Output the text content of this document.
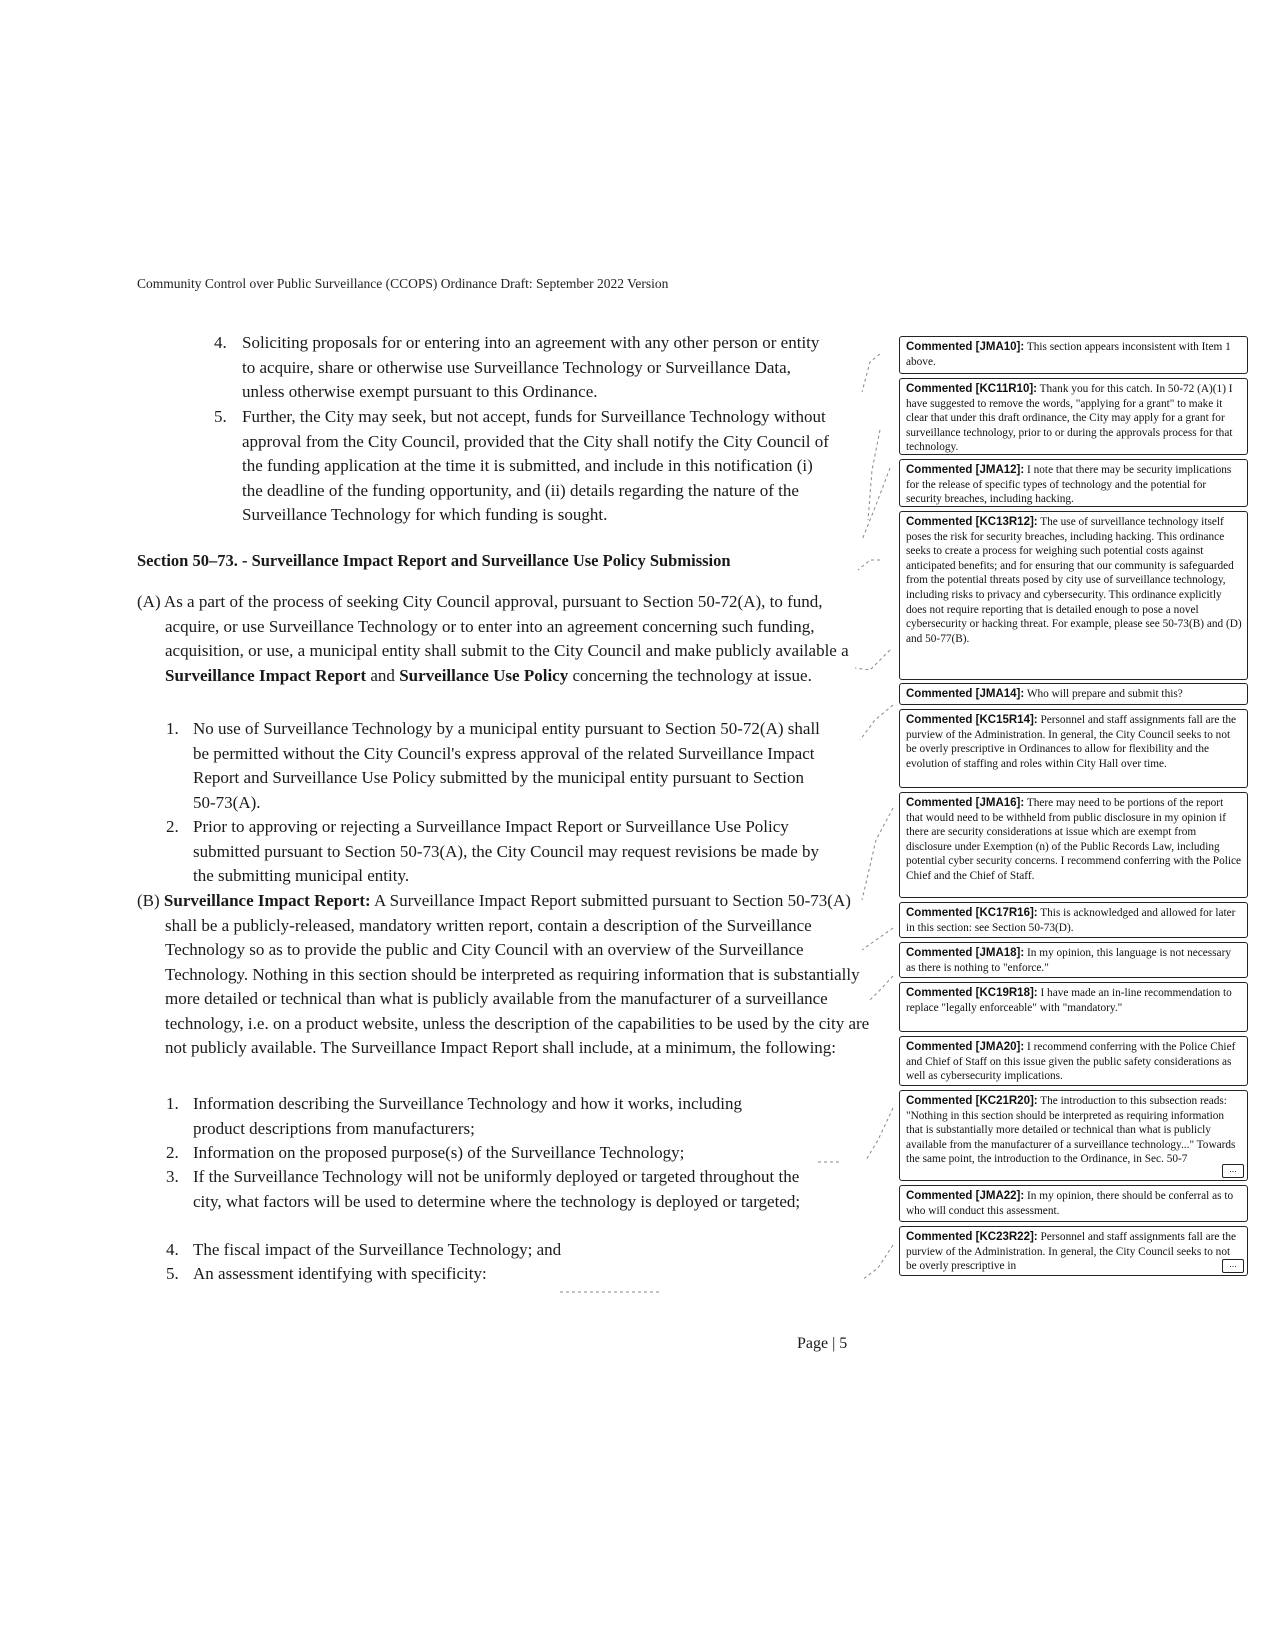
Community Control over Public Surveillance (CCOPS) Ordinance Draft: September 2022 Version
4. Soliciting proposals for or entering into an agreement with any other person or entity to acquire, share or otherwise use Surveillance Technology or Surveillance Data, unless otherwise exempt pursuant to this Ordinance.
5. Further, the City may seek, but not accept, funds for Surveillance Technology without approval from the City Council, provided that the City shall notify the City Council of the funding application at the time it is submitted, and include in this notification (i) the deadline of the funding opportunity, and (ii) details regarding the nature of the Surveillance Technology for which funding is sought.
Section 50–73. - Surveillance Impact Report and Surveillance Use Policy Submission
(A) As a part of the process of seeking City Council approval, pursuant to Section 50-72(A), to fund, acquire, or use Surveillance Technology or to enter into an agreement concerning such funding, acquisition, or use, a municipal entity shall submit to the City Council and make publicly available a Surveillance Impact Report and Surveillance Use Policy concerning the technology at issue.
1. No use of Surveillance Technology by a municipal entity pursuant to Section 50-72(A) shall be permitted without the City Council's express approval of the related Surveillance Impact Report and Surveillance Use Policy submitted by the municipal entity pursuant to Section 50-73(A).
2. Prior to approving or rejecting a Surveillance Impact Report or Surveillance Use Policy submitted pursuant to Section 50-73(A), the City Council may request revisions be made by the submitting municipal entity.
(B) Surveillance Impact Report: A Surveillance Impact Report submitted pursuant to Section 50-73(A) shall be a publicly-released, mandatory written report, contain a description of the Surveillance Technology so as to provide the public and City Council with an overview of the Surveillance Technology. Nothing in this section should be interpreted as requiring information that is substantially more detailed or technical than what is publicly available from the manufacturer of a surveillance technology, i.e. on a product website, unless the description of the capabilities to be used by the city are not publicly available. The Surveillance Impact Report shall include, at a minimum, the following:
1. Information describing the Surveillance Technology and how it works, including product descriptions from manufacturers;
2. Information on the proposed purpose(s) of the Surveillance Technology;
3. If the Surveillance Technology will not be uniformly deployed or targeted throughout the city, what factors will be used to determine where the technology is deployed or targeted;
4. The fiscal impact of the Surveillance Technology; and
5. An assessment identifying with specificity:
Page | 5
Commented [JMA10]: This section appears inconsistent with Item 1 above.
Commented [KC11R10]: Thank you for this catch. In 50-72 (A)(1) I have suggested to remove the words, "applying for a grant" to make it clear that under this draft ordinance, the City may apply for a grant for surveillance technology, prior to or during the approvals process for that technology.
Commented [JMA12]: I note that there may be security implications for the release of specific types of technology and the potential for security breaches, including hacking.
Commented [KC13R12]: The use of surveillance technology itself poses the risk for security breaches, including hacking. This ordinance seeks to create a process for weighing such potential costs against anticipated benefits; and for ensuring that our community is safeguarded from the potential threats posed by city use of surveillance technology, including risks to privacy and cybersecurity. This ordinance explicitly does not require reporting that is detailed enough to pose a novel cybersecurity or hacking threat. For example, please see 50-73(B) and (D) and 50-77(B).
Commented [JMA14]: Who will prepare and submit this?
Commented [KC15R14]: Personnel and staff assignments fall are the purview of the Administration. In general, the City Council seeks to not be overly prescriptive in Ordinances to allow for flexibility and the evolution of staffing and roles within City Hall over time.
Commented [JMA16]: There may need to be portions of the report that would need to be withheld from public disclosure in my opinion if there are security considerations at issue which are exempt from disclosure under Exemption (n) of the Public Records Law, including potential cyber security concerns. I recommend conferring with the Police Chief and the Chief of Staff.
Commented [KC17R16]: This is acknowledged and allowed for later in this section: see Section 50-73(D).
Commented [JMA18]: In my opinion, this language is not necessary as there is nothing to "enforce."
Commented [KC19R18]: I have made an in-line recommendation to replace "legally enforceable" with "mandatory."
Commented [JMA20]: I recommend conferring with the Police Chief and Chief of Staff on this issue given the public safety considerations as well as cybersecurity implications.
Commented [KC21R20]: The introduction to this subsection reads: "Nothing in this section should be interpreted as requiring information that is substantially more detailed or technical than what is publicly available from the manufacturer of a surveillance technology..." Towards the same point, the introduction to the Ordinance, in Sec. 50-7
...
Commented [JMA22]: In my opinion, there should be conferral as to who will conduct this assessment.
Commented [KC23R22]: Personnel and staff assignments fall are the purview of the Administration. In general, the City Council seeks to not be overly prescriptive in	...
